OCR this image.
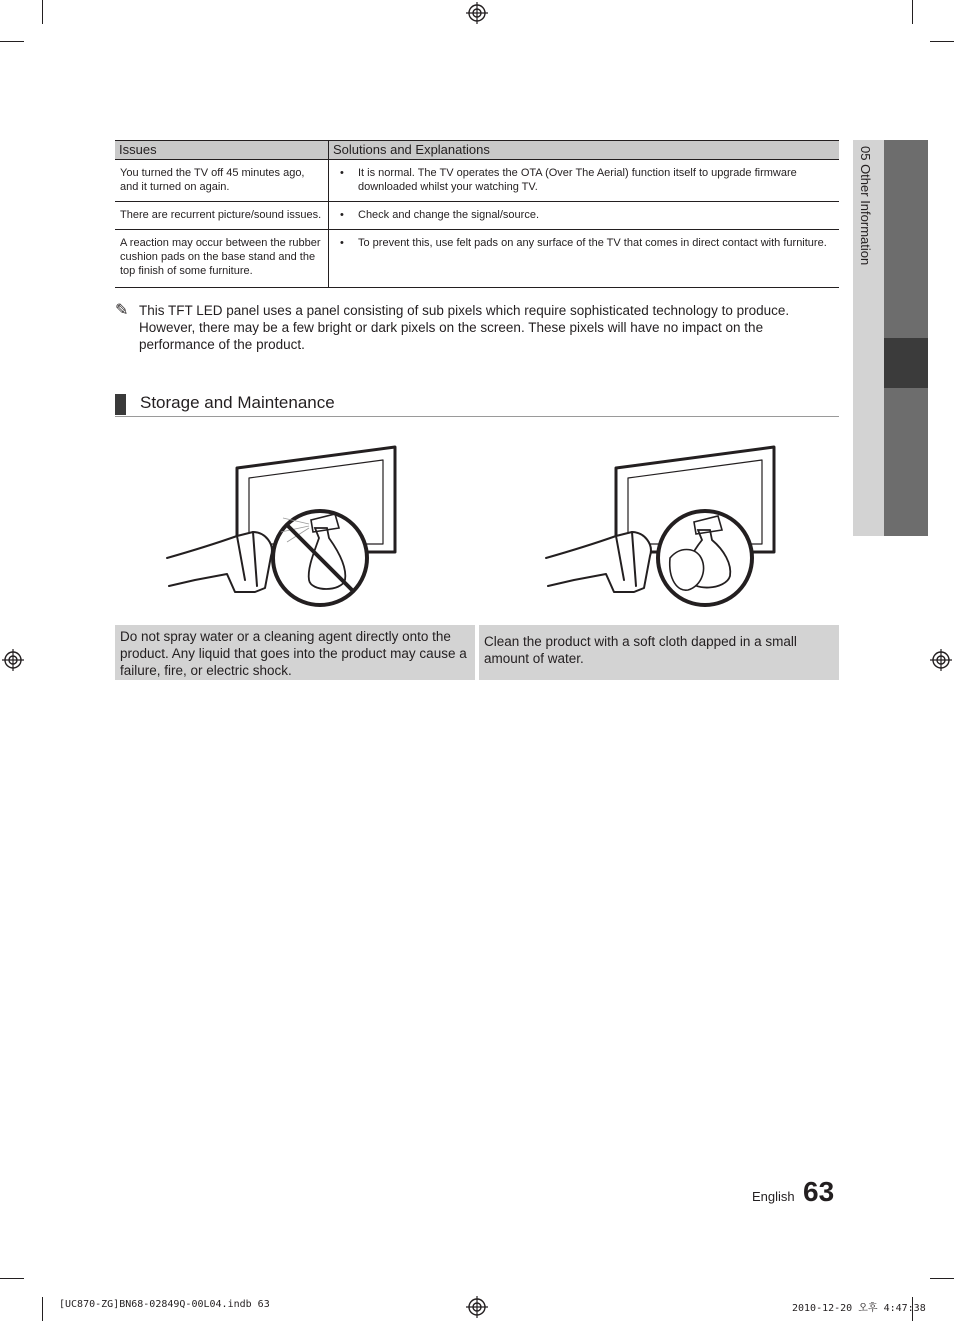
Issues	Solutions and Explanations
You turned the TV off 45 minutes ago, and it turned on again.	• It is normal. The TV operates the OTA (Over The Aerial) function itself to upgrade firmware downloaded whilst your watching TV.

There are recurrent picture/sound issues.	• Check and change the signal/source.

A reaction may occur between the rubber cushion pads on the base stand and the top finish of some furniture.	• To prevent this, use felt pads on any surface of the TV that comes in direct contact with furniture.
✎ This TFT LED panel uses a panel consisting of sub pixels which require sophisticated technology to produce. However, there may be a few bright or dark pixels on the screen. These pixels will have no impact on the performance of the product.
Storage and Maintenance
Do not spray water or a cleaning agent directly onto the product. Any liquid that goes into the product may cause a failure, fire, or electric shock.
Clean the product with a soft cloth dapped in a small amount of water.
05 Other Information
English 63
[UC870-ZG]BN68-02849Q-00L04.indb 63	2010-12-20 오후 4:47:38
